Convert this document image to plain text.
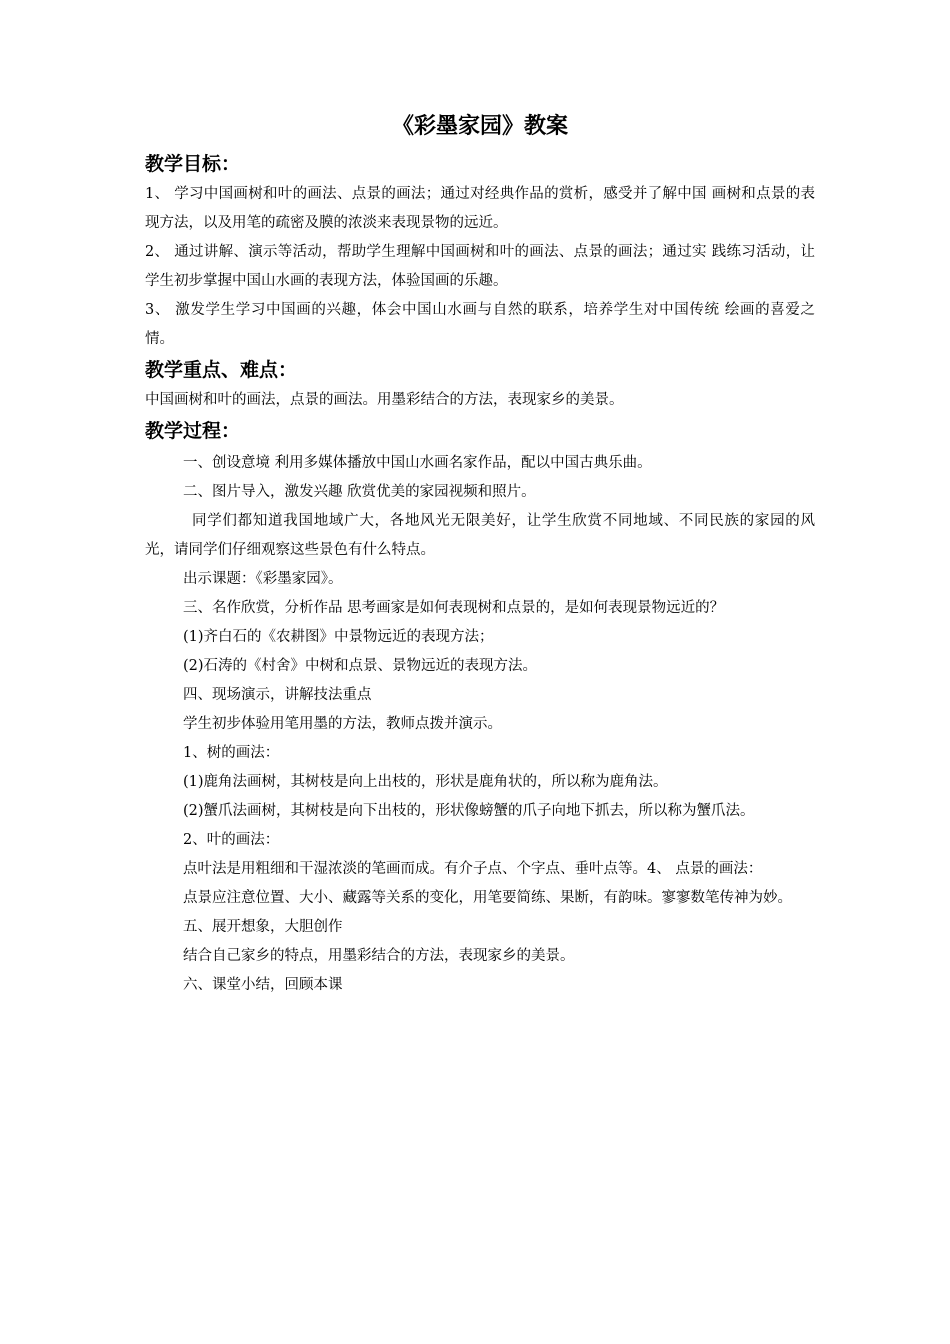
《彩墨家园》教案
教学目标：

1、 学习中国画树和叶的画法、点景的画法；通过对经典作品的赏析，感受并了解中国 画树和点景的表现方法，以及用笔的疏密及膜的浓淡来表现景物的远近。

2、 通过讲解、演示等活动，帮助学生理解中国画树和叶的画法、点景的画法；通过实 践练习活动，让学生初步掌握中国山水画的表现方法，体验国画的乐趣。

3、 激发学生学习中国画的兴趣，体会中国山水画与自然的联系，培养学生对中国传统 绘画的喜爱之情。

教学重点、难点：

中国画树和叶的画法，点景的画法。用墨彩结合的方法，表现家乡的美景。

教学过程：

一、创设意境 利用多媒体播放中国山水画名家作品，配以中国古典乐曲。

二、图片导入，激发兴趣 欣赏优美的家园视频和照片。

同学们都知道我国地域广大，各地风光无限美好，让学生欣赏不同地域、不同民族的家园的风光，请同学们仔细观察这些景色有什么特点。

出示课题：《彩墨家园》。

三、名作欣赏，分析作品 思考画家是如何表现树和点景的，是如何表现景物远近的？

(1)齐白石的《农耕图》中景物远近的表现方法；

(2)石涛的《村舍》中树和点景、景物远近的表现方法。

四、现场演示，讲解技法重点

学生初步体验用笔用墨的方法，教师点拨并演示。

1、树的画法：

(1)鹿角法画树，其树枝是向上出枝的，形状是鹿角状的，所以称为鹿角法。

(2)蟹爪法画树，其树枝是向下出枝的，形状像螃蟹的爪子向地下抓去，所以称为蟹爪法。

2、叶的画法：

点叶法是用粗细和干湿浓淡的笔画而成。有介子点、个字点、垂叶点等。4、 点景的画法：

点景应注意位置、大小、藏露等关系的变化，用笔要简练、果断，有韵味。寥寥数笔传神为妙。

五、展开想象，大胆创作

结合自己家乡的特点，用墨彩结合的方法，表现家乡的美景。

六、课堂小结，回顾本课
